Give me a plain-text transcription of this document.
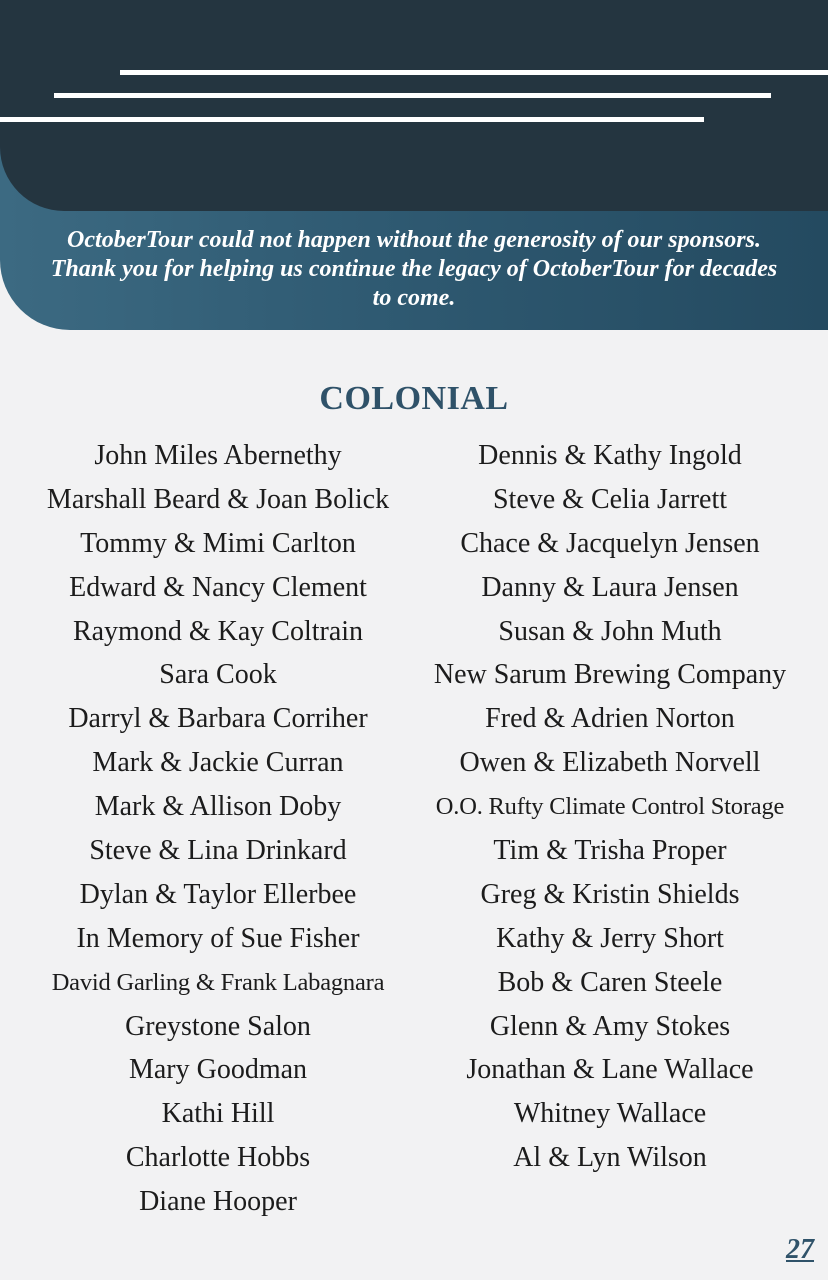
OctoberTour could not happen without the generosity of our sponsors. Thank you for helping us continue the legacy of OctoberTour for decades to come.
COLONIAL
John Miles Abernethy
Marshall Beard & Joan Bolick
Tommy & Mimi Carlton
Edward & Nancy Clement
Raymond & Kay Coltrain
Sara Cook
Darryl & Barbara Corriher
Mark & Jackie Curran
Mark & Allison Doby
Steve & Lina Drinkard
Dylan & Taylor Ellerbee
In Memory of Sue Fisher
David Garling & Frank Labagnara
Greystone Salon
Mary Goodman
Kathi Hill
Charlotte Hobbs
Diane Hooper
Dennis & Kathy Ingold
Steve & Celia Jarrett
Chace & Jacquelyn Jensen
Danny & Laura Jensen
Susan & John Muth
New Sarum Brewing Company
Fred & Adrien Norton
Owen & Elizabeth Norvell
O.O. Rufty Climate Control Storage
Tim & Trisha Proper
Greg & Kristin Shields
Kathy & Jerry Short
Bob & Caren Steele
Glenn & Amy Stokes
Jonathan & Lane Wallace
Whitney Wallace
Al & Lyn Wilson
27
